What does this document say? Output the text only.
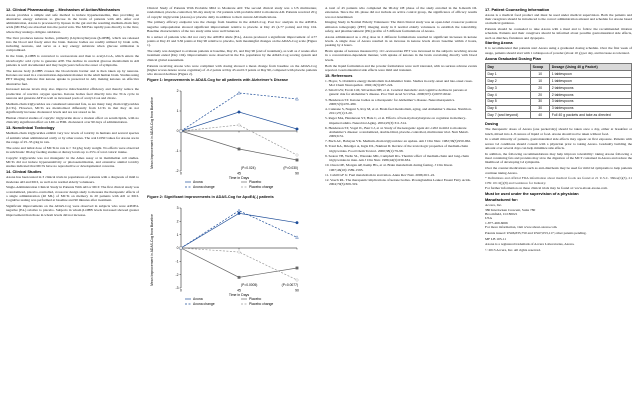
12. Clinical Pharmacology – Mechanism of Action/Mechanism

Axona provides a simple and safe method to induce hyperketonemia, thus providing an alternative energy substrate to glucose in the brain of patients with AD. After oral administration, Axona is processed by lipases in the gut and the resulting medium-chain fatty acids (MCFAs) are absorbed into the portal vein. The MCFAs rapidly pass directly to the liver, where they undergo obligate oxidation.

The liver produces ketone bodies, primarily β-hydroxybutyrate (β-OHB), which are released into the blood and freely enter the brain. Ketone bodies are readily utilized by brain cells, including neurons, and serve as a key energy substrate when glucose utilization is compromised.

In the brain, β-OHB is converted to acetoacetate and then to acetyl-CoA, which enters the tricarboxylic acid cycle to generate ATP. The decline in cerebral glucose metabolism in AD patients is well documented and may begin years before the onset of symptoms.

The ketone body β-OHB crosses the blood-brain barrier and is then taken up by neurons. Ketones are used in a concentration-dependent manner in the adult human brain. Studies using PET imaging indicate that ketone uptake is preserved in AD, making ketones an effective alternative fuel.

Increased ketone levels may also improve mitochondrial efficiency and thereby reduce the production of reactive oxygen species. Ketone bodies feed directly into the TCA cycle in neurons and generate ATP as well as increased pools of acetyl-CoA and citrate.

Medium-chain triglycerides are considered saturated fats, as are many long chain triglycerides (LCTs). However, MCTs are metabolized differently from LCTs in that they do not significantly increase cholesterol levels and are not stored as fat.

Human clinical studies of caprylic triglyceride show a modest effect on serum lipids, with no clinically significant effect on LDL or HDL cholesterol over 90 days of administration.

13. Nonclinical Toxicology

Medium-chain triglycerides exhibit very low levels of toxicity in humans and several species of animals when administered orally or by other routes. The oral LD50 values for Axona are in the range of 25–33 g/kg in rats.

The acute and lethal dose of MCTs in rats is > 34 g/kg body weight. No effects were observed in subchronic 90-day feeding studies at dietary levels up to 25% of total caloric intake.

Caprylic triglyceride was not mutagenic in the Ames assay or in mammalian cell studies. MCTs did not induce hypersensitivity or photosensitization, and extensive animal toxicity studies indicated that MCTs have no reproductive or developmental concerns.

14. Clinical Studies

Axona has been tested in 3 clinical trials in populations of patients with a diagnosis of mild to moderate AD and MCI, as well as in normal elderly volunteers.

Single-Administration Clinical Study in Patients With AD or MCI: The first clinical study was a randomized, placebo-controlled, crossover design study to measure the therapeutic effects of a single administration (40 ML) of MCTs on memory in 20 patients with AD or MCI. Cognitive testing was performed at baseline and 90 minutes after treatment.

Significant improvements on the ADAS-Cog were observed in subjects who were APOE4-negative (E4-) relative to placebo. Subjects in whom β-OHB levels increased showed greater improvement than those in whom levels did not increase.

Clinical Study of Patients With Probable Mild to Moderate AD: The second clinical study was a US multicenter, randomized, placebo-controlled, 90-day study in 152 patients with probable mild to moderate AD. Patients received 20 g of caprylic triglyceride (Axona) or placebo daily in addition to their current AD medications.

The primary efficacy endpoint was the change from baseline in the ADAS-Cog. Post hoc analysis in the APOE4-negative subpopulation showed significant improvement relative to placebo at Day 45 (4.77 points) and Day 104. Baseline characteristics of the two study arms were well balanced.

In a subset of patients who did not carry the APOE4 allele (E4-), Axona produced a significant improvement of 4.77 points at Day 45 and 3.36 points at Day 90 relative to placebo, both meaningful changes on the ADAS-Cog scale (Figure 1).

The study was designed to evaluate patients at baseline, Day 45, and Day 90 (end of treatment), as well as 2 weeks after treatment ended (Day 104). Improvements were observed in the E4- population by the ADAS-Cog scoring system and clinical global assessment.

Patients receiving Axona who were compliant with dosing showed a mean change from baseline on the ADAS-Cog (higher scores denote worse cognition) of -0.2 points at Day 45 and 0.3 points at Day 90, compared with placebo patients who showed declines (Figure 2).

Figure 1: Improvements in ADAS-Cog for all patients with Alzheimer’s Disease
Mean Improvement in ADAS-Cog from Baseline
2
1
0
-1
-2
0	45	90
Time in Days
(P=0.024)	(P=0.030)
Axona	Placebo
Axona change	Placebo change
Figure 2: Significant improvements in ADAS-Cog for ApoE4(-) patients
Mean Improvement in ADAS-Cog from Baseline
3
2
1
0
-1
-2
-3
0	45	90
Time in Days
(P=0.0005)	(P=0.0077)
Axona	Placebo
Axona change	Placebo change

A total of 45 patients who completed the 90-day OE phase of the study enrolled in the 6-month OL extension. Since the OL phase did not include an active control group, the significance of efficacy results was not determined.

Imaging Study in Normal Elderly Volunteers: The third clinical study was an open-label crossover positron emission tomography (PET) imaging study in 6 normal elderly volunteers to establish the tolerability, safety, and pharmacokinetic (PK) profile of 3 different formulations of Axona.

Axona administered as a 20-g dose in 2 different formulations resulted in significant increases in ketone levels. A single dose of Axona resulted in an increase in ketone levels above baseline within 2 hours, peaking by 4 hours.

Brain uptake of ketones measured by 11C-acetoacetate PET was increased in the subjects receiving Axona in a concentration-dependent manner, with uptake of ketones in the brain correlating directly with blood levels.

Both the liquid formulation and the powder formulation were well tolerated, with no serious adverse events reported. Gastrointestinal side effects were mild and transient.

15. References

1. Hoyer, S. Oxidative energy metabolism in Alzheimer brain. Studies in early-onset and late-onset cases. Mol Chem Neuropathol. 1992;16(3):207-224.

2. Small GW, Ercoli LM, Silverman DH, et al. Cerebral metabolic and cognitive decline in persons at genetic risk for Alzheimer’s disease. Proc Natl Acad Sci USA. 2000;97(11):6037-6042.

3. Henderson ST. Ketone bodies as a therapeutic for Alzheimer’s disease. Neurotherapeutics. 2008;5(3):470-480.

4. Cunnane S, Nugent S, Roy M, et al. Brain fuel metabolism, aging, and Alzheimer’s disease. Nutrition. 2011;27(1):3-20.

5. Reger MA, Henderson ST, Hale C, et al. Effects of beta-hydroxybutyrate on cognition in memory-impaired adults. Neurobiol Aging. 2004;25(3):311-314.

6. Henderson ST, Vogel JL, Barr LJ, et al. Study of the ketogenic agent AC-1202 in mild to moderate Alzheimer’s disease: a randomized, double-blind, placebo-controlled, multicenter trial. Nutr Metab. 2009;6:31.

7. Bach AC, Babayan VK. Medium-chain triglycerides: an update. Am J Clin Nutr. 1982;36(5):950-962.

8. Traul KA, Driedger A, Ingle DL, Nakhasi D. Review of the toxicologic properties of medium-chain triglycerides. Food Chem Toxicol. 2000;38(1):79-98.

9. Seaton TB, Welle SL, Warenko MK, Campbell RG. Thermic effect of medium-chain and long-chain triglycerides in man. Am J Clin Nutr. 1986;44(5):630-634.

10. Owen OE, Morgan AP, Kemp HG, et al. Brain metabolism during fasting. J Clin Invest. 1967;46(10):1589-1595.

11. Cahill GF Jr. Fuel metabolism in starvation. Annu Rev Nutr. 2006;26:1-22.

12. Veech RL. The therapeutic implications of ketone bodies. Prostaglandins Leukot Essent Fatty Acids. 2004;70(3):309-319.

17. Patient Counseling Information

Axona is a medical food product and must be used under medical supervision. Both the patients and their caregivers should be introduced to the correct administration amount and schedule for Axona based on medical guidance.

Patients should be counseled to take Axona with a meal and to follow the recommended titration schedule. Patients and their caregivers should be informed about possible gastrointestinal side effects, such as diarrhea, flatulence and dyspepsia.

Starting Axona

It is recommended that patients start Axona using a graduated dosing schedule. Over the first week of usage, patients should start with 1 tablespoon of powder (about 10 g) per day, and increase as tolerated.

Axona Graduated Dosing Plan
Day	Scoop	Dosage (Using 40 g Packet)
Day 1	10	1 tablespoon
Day 2	10	1 tablespoon
Day 3	20	2 tablespoons
Day 4	20	2 tablespoons
Day 5	30	3 tablespoons
Day 6	30	3 tablespoons
Day 7 (and beyond)	40	Full 40 g packets and take as directed
Dosing

The therapeutic doses of Axona (one packet/day) should be taken once a day, either at breakfast or lunch, mixed into 4–8 ounces of liquid or food. Axona should not be taken without food.

In a small minority of patients, gastrointestinal side effects may appear on first exposure. Patients with severe GI conditions should consult with a physician prior to taking Axona. Gradually building the amount over several days can help minimize side effects.

In addition, the following recommendations may help improve tolerability: taking Axona following a meal containing fats and proteins may slow the digestion of the MCT contained in Axona and reduce the likelihood of developing GI symptoms.

Over the counter medications such as anti-diarrheals may be used for mild GI symptoms to help patients continue taking Axona.

* Definitions and official FDA information about medical foods are found at 21 U.S.C. 360ee(b)(3), 21 CFR 101.9(j)(8) and Guidance for Industry.

For further information on these clinical trials may be found at: www.about-axona.com.

Must be used under the supervision of a physician
Manufactured for:
Accera, Inc.
380 Interlocken Crescent, Suite 780
Broomfield, CO 80021
USA
1-877-469-6066

For more information, visit www.about-axona.com.

Patents issued: US#6,835,750 and US#7,053,117; other patents pending.

MF LB 103-11

Axona is a registered trademark of Accera Laboratories, Axona.

© 2013 Accera, Inc. All rights reserved.
